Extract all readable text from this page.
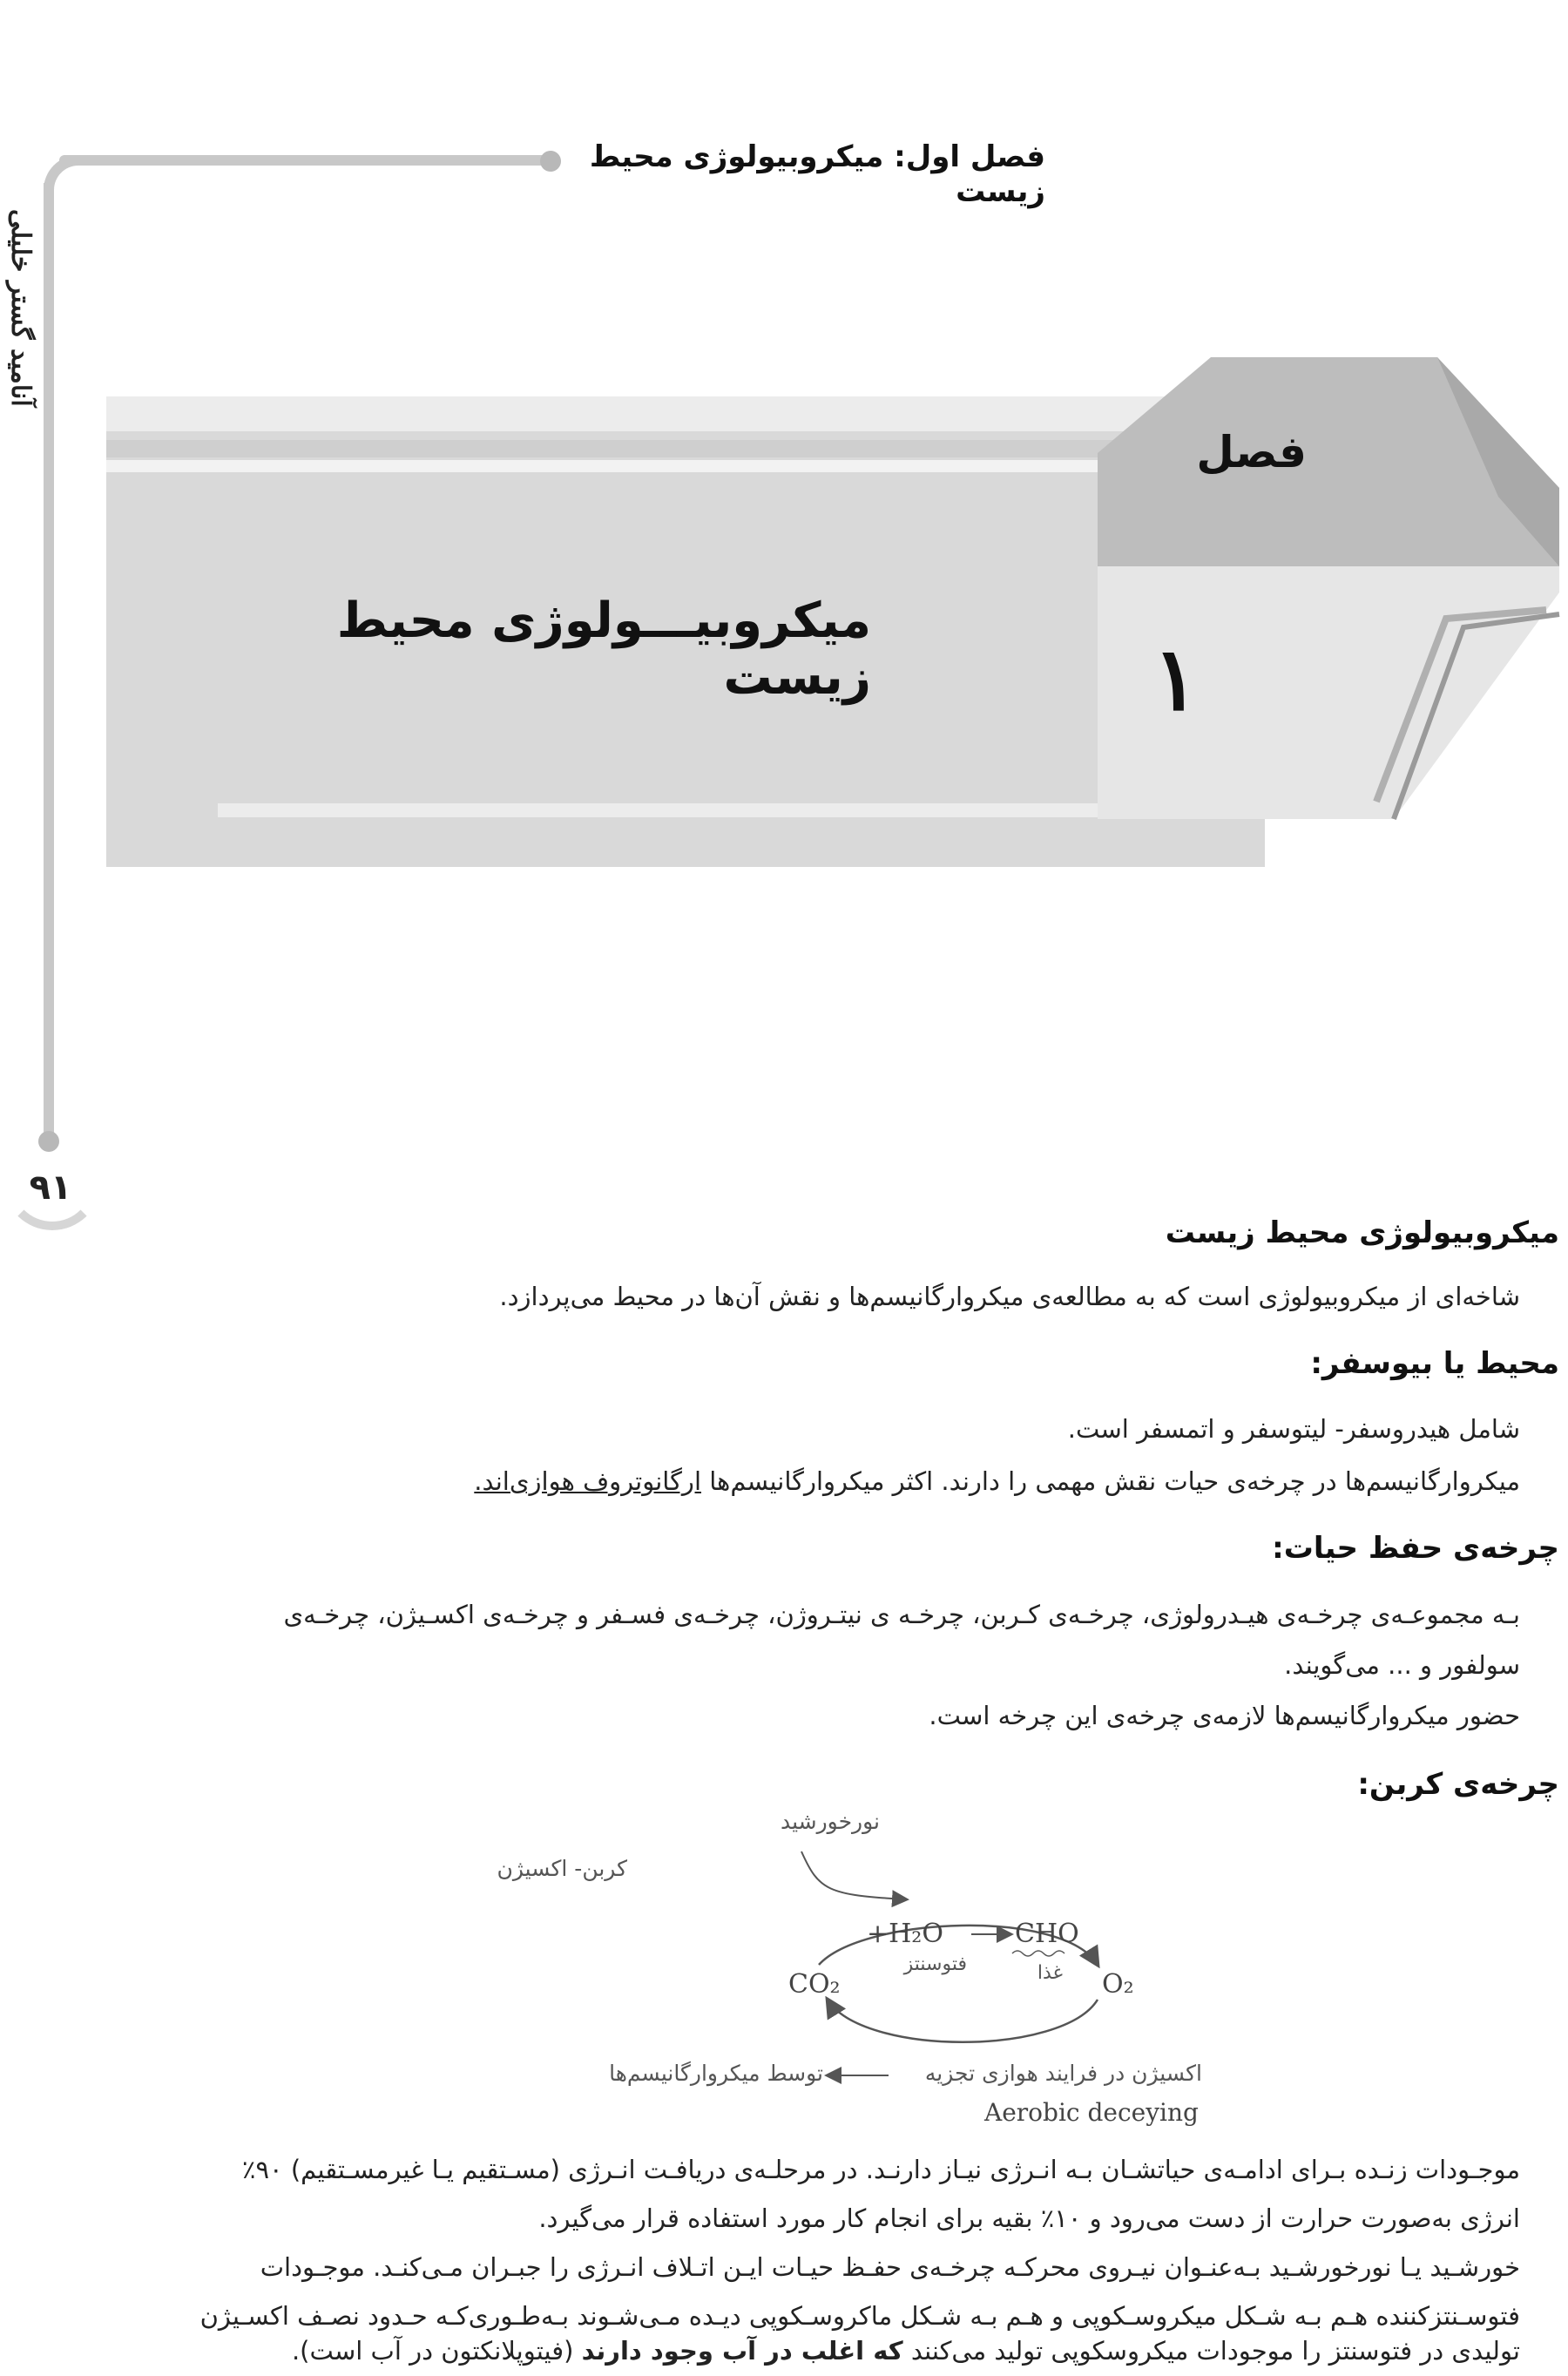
فصل اول: میکروبیولوژی محیط زیست
آنامید گستر خلیلی
۹۱
میکروبیـــولوژی محیط زیست
فصل
۱
میکروبیولوژی محیط زیست
شاخه‌ای از میکروبیولوژی است که به مطالعه‌ی میکروارگانیسم‌ها و نقش آن‌ها در محیط می‌پردازد.
محیط یا بیوسفر:
شامل هیدروسفر- لیتوسفر و اتمسفر است.
میکروارگانیسم‌ها در چرخه‌ی حیات نقش مهمی را دارند. اکثر میکروارگانیسم‌ها ارگانوتروف هوازی‌اند.
چرخه‌ی حفظ حیات:
بـه مجموعـه‌ی چرخـه‌ی هیـدرولوژی، چرخـه‌ی کـربن، چرخـه ی نیتـروژن، چرخـه‌ی فسـفر و چرخـه‌ی اکسـیژن، چرخـه‌ی
سولفور و ... می‌گویند.
حضور میکروارگانیسم‌ها لازمه‌ی چرخه‌ی این چرخه است.
چرخه‌ی کربن:
نورخورشید
کربن- اکسیژن
CO₂
+H₂O	CHO
O₂
فتوسنتز	غذا
اکسیژن در فرایند هوازی تجزیه
توسط میکروارگانیسم‌ها
Aerobic deceying
موجـودات زنـده بـرای ادامـه‌ی حیاتشـان بـه انـرژی نیـاز دارنـد. در مرحلـه‌ی دریافـت انـرژی (مسـتقیم یـا غیرمسـتقیم) ۹۰٪
انرژی به‌صورت حرارت از دست می‌رود و ۱۰٪ بقیه برای انجام کار مورد استفاده قرار می‌گیرد.
خورشـید یـا نورخورشـید بـه‌عنـوان نیـروی محرکـه چرخـه‌ی حفـظ حیـات ایـن اتـلاف انـرژی را جبـران مـی‌کنـد. موجـودات
فتوسـنتزکننده هـم بـه شـکل میکروسـکوپی و هـم بـه شـکل ماکروسـکوپی دیـده مـی‌شـوند بـه‌طـوری‌کـه حـدود نصـف اکسـیژن
تولیدی در فتوسنتز را موجودات میکروسکوپی تولید می‌کنند که اغلب در آب وجود دارند (فیتوپلانکتون در آب است).
